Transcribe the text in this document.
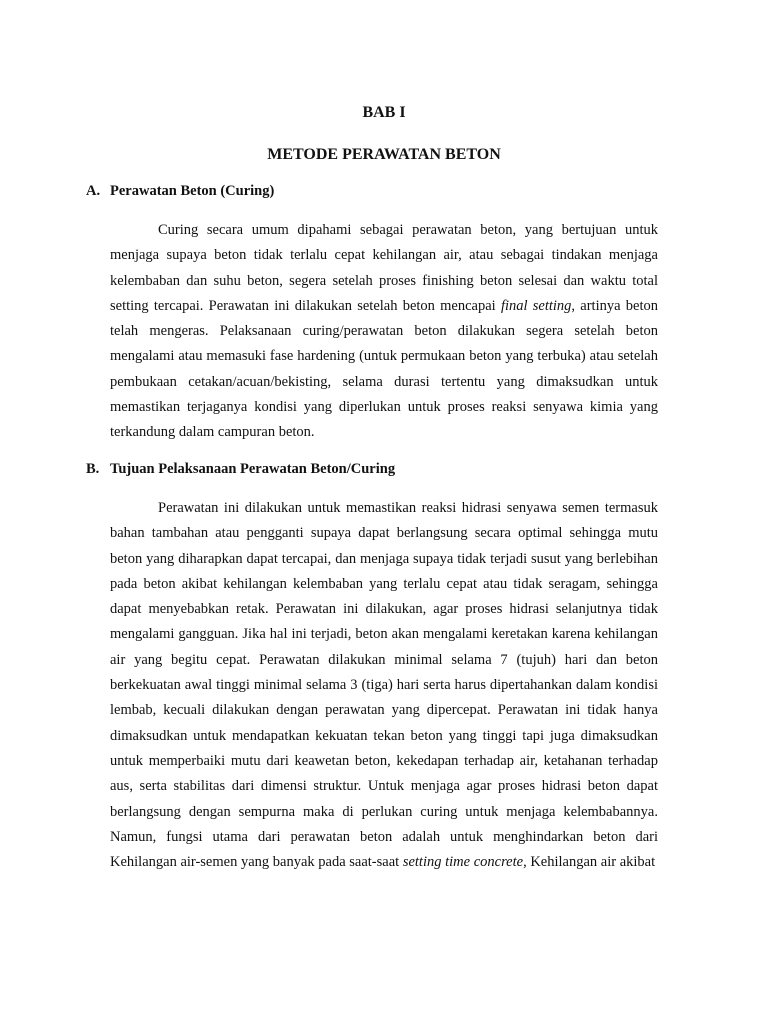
BAB I
METODE PERAWATAN BETON
A. Perawatan Beton (Curing)

Curing secara umum dipahami sebagai perawatan beton, yang bertujuan untuk menjaga supaya beton tidak terlalu cepat kehilangan air, atau sebagai tindakan menjaga kelembaban dan suhu beton, segera setelah proses finishing beton selesai dan waktu total setting tercapai. Perawatan ini dilakukan setelah beton mencapai final setting, artinya beton telah mengeras. Pelaksanaan curing/perawatan beton dilakukan segera setelah beton mengalami atau memasuki fase hardening (untuk permukaan beton yang terbuka) atau setelah pembukaan cetakan/acuan/bekisting, selama durasi tertentu yang dimaksudkan untuk memastikan terjaganya kondisi yang diperlukan untuk proses reaksi senyawa kimia yang terkandung dalam campuran beton.

B. Tujuan Pelaksanaan Perawatan Beton/Curing

Perawatan ini dilakukan untuk memastikan reaksi hidrasi senyawa semen termasuk bahan tambahan atau pengganti supaya dapat berlangsung secara optimal sehingga mutu beton yang diharapkan dapat tercapai, dan menjaga supaya tidak terjadi susut yang berlebihan pada beton akibat kehilangan kelembaban yang terlalu cepat atau tidak seragam, sehingga dapat menyebabkan retak. Perawatan ini dilakukan, agar proses hidrasi selanjutnya tidak mengalami gangguan. Jika hal ini terjadi, beton akan mengalami keretakan karena kehilangan air yang begitu cepat. Perawatan dilakukan minimal selama 7 (tujuh) hari dan beton berkekuatan awal tinggi minimal selama 3 (tiga) hari serta harus dipertahankan dalam kondisi lembab, kecuali dilakukan dengan perawatan yang dipercepat. Perawatan ini tidak hanya dimaksudkan untuk mendapatkan kekuatan tekan beton yang tinggi tapi juga dimaksudkan untuk memperbaiki mutu dari keawetan beton, kekedapan terhadap air, ketahanan terhadap aus, serta stabilitas dari dimensi struktur. Untuk menjaga agar proses hidrasi beton dapat berlangsung dengan sempurna maka di perlukan curing untuk menjaga kelembabannya. Namun, fungsi utama dari perawatan beton adalah untuk menghindarkan beton dari Kehilangan air-semen yang banyak pada saat-saat setting time concrete, Kehilangan air akibat
